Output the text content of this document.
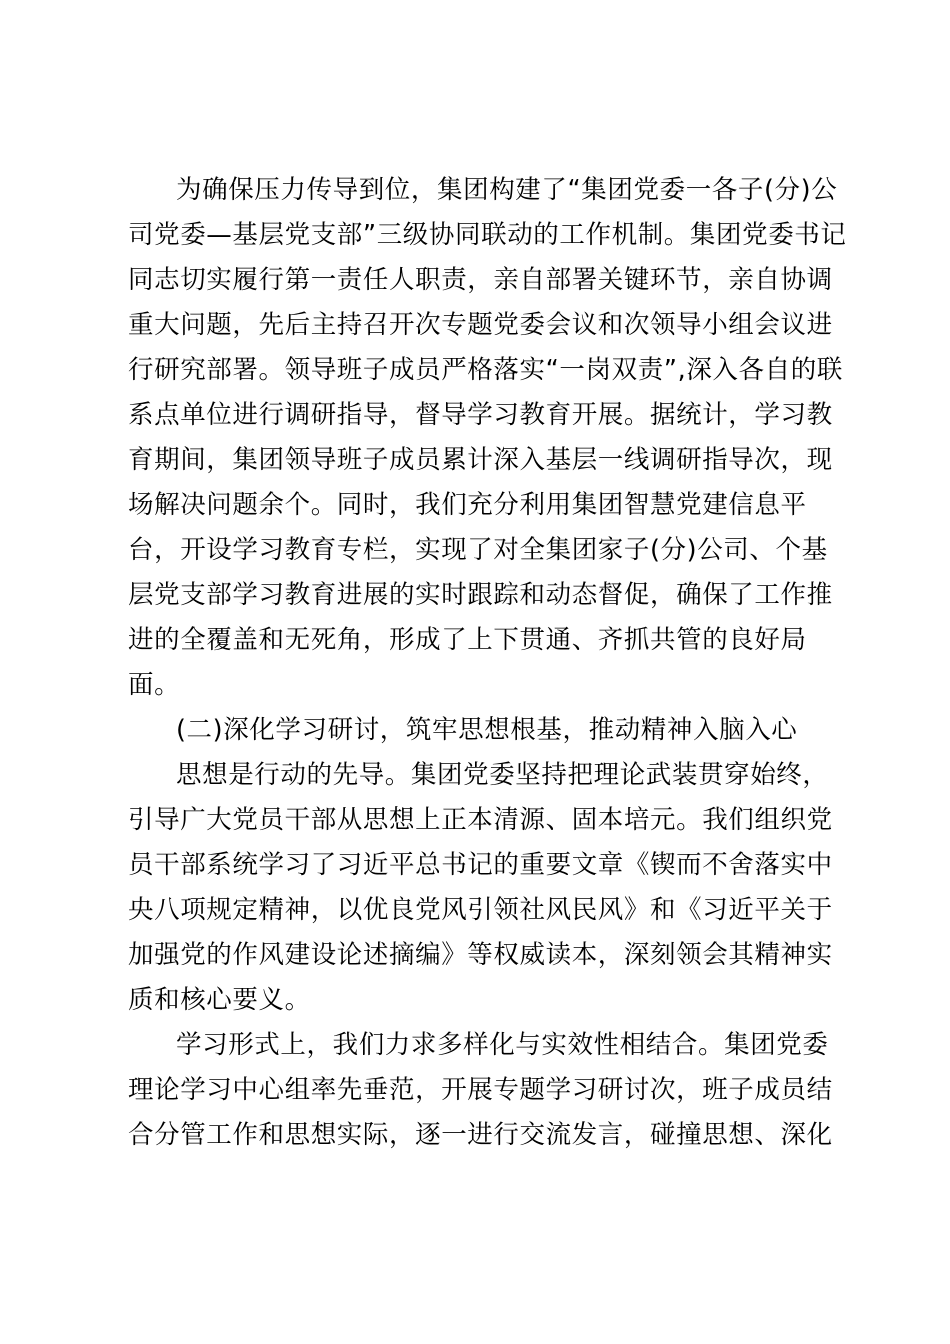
为确保压力传导到位，集团构建了“集团党委一各子(分)公
司党委—基层党支部”三级协同联动的工作机制。集团党委书记
同志切实履行第一责任人职责，亲自部署关键环节，亲自协调
重大问题，先后主持召开次专题党委会议和次领导小组会议进
行研究部署。领导班子成员严格落实“一岗双责”,深入各自的联
系点单位进行调研指导，督导学习教育开展。据统计，学习教
育期间，集团领导班子成员累计深入基层一线调研指导次，现
场解决问题余个。同时，我们充分利用集团智慧党建信息平
台，开设学习教育专栏，实现了对全集团家子(分)公司、个基
层党支部学习教育进展的实时跟踪和动态督促，确保了工作推
进的全覆盖和无死角，形成了上下贯通、齐抓共管的良好局
面。
(二)深化学习研讨，筑牢思想根基，推动精神入脑入心
思想是行动的先导。集团党委坚持把理论武装贯穿始终，
引导广大党员干部从思想上正本清源、固本培元。我们组织党
员干部系统学习了习近平总书记的重要文章《锲而不舍落实中
央八项规定精神，以优良党风引领社风民风》和《习近平关于
加强党的作风建设论述摘编》等权威读本，深刻领会其精神实
质和核心要义。
学习形式上，我们力求多样化与实效性相结合。集团党委
理论学习中心组率先垂范，开展专题学习研讨次，班子成员结
合分管工作和思想实际，逐一进行交流发言，碰撞思想、深化
